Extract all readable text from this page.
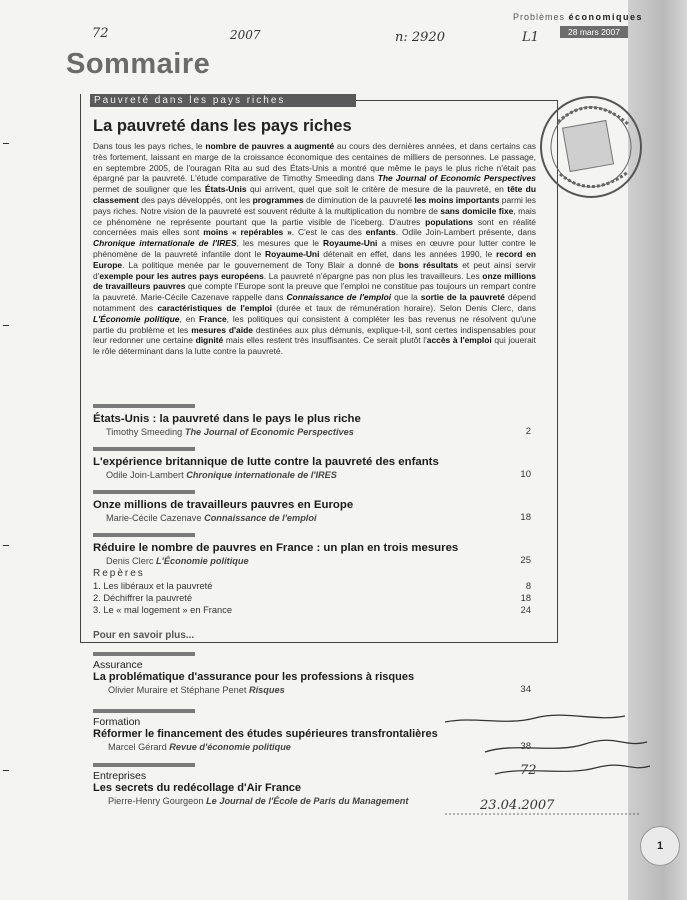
Problèmes économiques
28 mars 2007
72	2007	n: 2920	L1
Sommaire
Pauvreté dans les pays riches
La pauvreté dans les pays riches
Dans tous les pays riches, le nombre de pauvres a augmenté au cours des dernières années, et dans certains cas très fortement, laissant en marge de la croissance économique des centaines de milliers de personnes. Le passage, en septembre 2005, de l'ouragan Rita au sud des États-Unis a montré que même le pays le plus riche n'était pas épargné par la pauvreté. L'étude comparative de Timothy Smeeding dans The Journal of Economic Perspectives permet de souligner que les États-Unis qui arrivent, quel que soit le critère de mesure de la pauvreté, en tête du classement des pays développés, ont les programmes de diminution de la pauvreté les moins importants parmi les pays riches. Notre vision de la pauvreté est souvent réduite à la multiplication du nombre de sans domicile fixe, mais ce phénomène ne représente pourtant que la partie visible de l'iceberg. D'autres populations sont en réalité concernées mais elles sont moins « repérables ». C'est le cas des enfants. Odile Join-Lambert présente, dans Chronique internationale de l'IRES, les mesures que le Royaume-Uni a mises en œuvre pour lutter contre le phénomène de la pauvreté infantile dont le Royaume-Uni détenait en effet, dans les années 1990, le record en Europe. La politique menée par le gouvernement de Tony Blair a donné de bons résultats et peut ainsi servir d'exemple pour les autres pays européens. La pauvreté n'épargne pas non plus les travailleurs. Les onze millions de travailleurs pauvres que compte l'Europe sont la preuve que l'emploi ne constitue pas toujours un rempart contre la pauvreté. Marie-Cécile Cazenave rappelle dans Connaissance de l'emploi que la sortie de la pauvreté dépend notamment des caractéristiques de l'emploi (durée et taux de rémunération horaire). Selon Denis Clerc, dans L'Économie politique, en France, les politiques qui consistent à compléter les bas revenus ne résolvent qu'une partie du problème et les mesures d'aide destinées aux plus démunis, explique-t-il, sont certes indispensables pour leur redonner une certaine dignité mais elles restent très insuffisantes. Ce serait plutôt l'accès à l'emploi qui jouerait le rôle déterminant dans la lutte contre la pauvreté.
États-Unis : la pauvreté dans le pays le plus riche
Timothy Smeeding The Journal of Economic Perspectives	2
L'expérience britannique de lutte contre la pauvreté des enfants
Odile Join-Lambert Chronique internationale de l'IRES	10
Onze millions de travailleurs pauvres en Europe
Marie-Cécile Cazenave Connaissance de l'emploi	18
Réduire le nombre de pauvres en France : un plan en trois mesures
Denis Clerc L'Économie politique	25
Repères
1. Les libéraux et la pauvreté	8
2. Déchiffrer la pauvreté	18
3. Le « mal logement » en France	24
Pour en savoir plus...
Assurance
La problématique d'assurance pour les professions à risques
Olivier Muraire et Stéphane Penet Risques	34
Formation
Réformer le financement des études supérieures transfrontalières
Marcel Gérard Revue d'économie politique	38
Entreprises
Les secrets du redécollage d'Air France
Pierre-Henry Gourgeon Le Journal de l'École de Paris du Management
72
23.04.2007
1
